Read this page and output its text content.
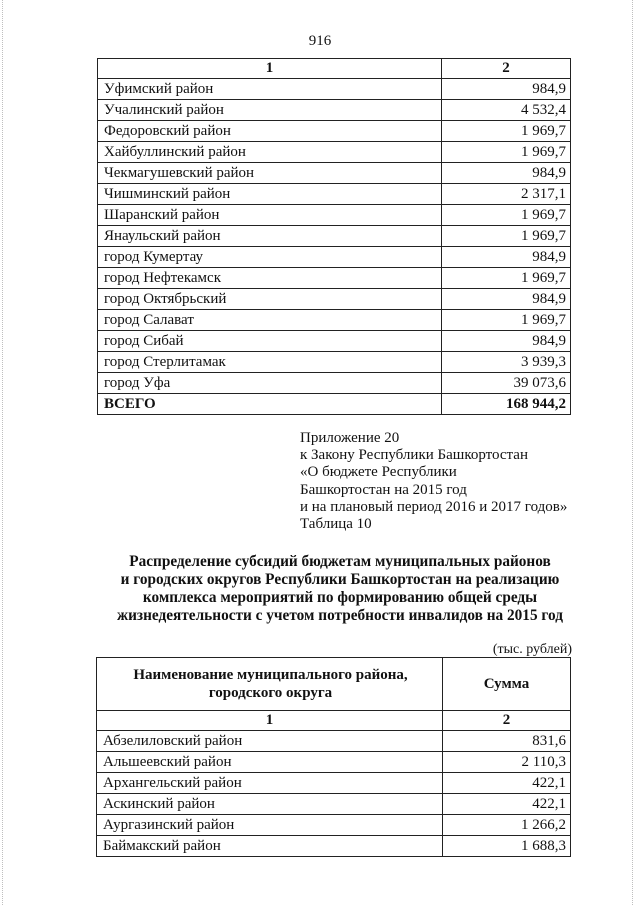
916
1	2
Уфимский район	984,9
Учалинский район	4 532,4
Федоровский район	1 969,7
Хайбуллинский район	1 969,7
Чекмагушевский район	984,9
Чишминский район	2 317,1
Шаранский район	1 969,7
Янаульский район	1 969,7
город Кумертау	984,9
город Нефтекамск	1 969,7
город Октябрьский	984,9
город Салават	1 969,7
город Сибай	984,9
город Стерлитамак	3 939,3
город Уфа	39 073,6
ВСЕГО	168 944,2
Приложение 20
к Закону Республики Башкортостан
«О бюджете Республики
Башкортостан на 2015 год
и на плановый период 2016 и 2017 годов»
Таблица 10
Распределение субсидий бюджетам муниципальных районов
и городских округов Республики Башкортостан на реализацию
комплекса мероприятий по формированию общей среды
жизнедеятельности с учетом потребности инвалидов на 2015 год
(тыс. рублей)
Наименование муниципального района, городского округа	Сумма
1	2
Абзелиловский район	831,6
Альшеевский район	2 110,3
Архангельский район	422,1
Аскинский район	422,1
Аургазинский район	1 266,2
Баймакский район	1 688,3
